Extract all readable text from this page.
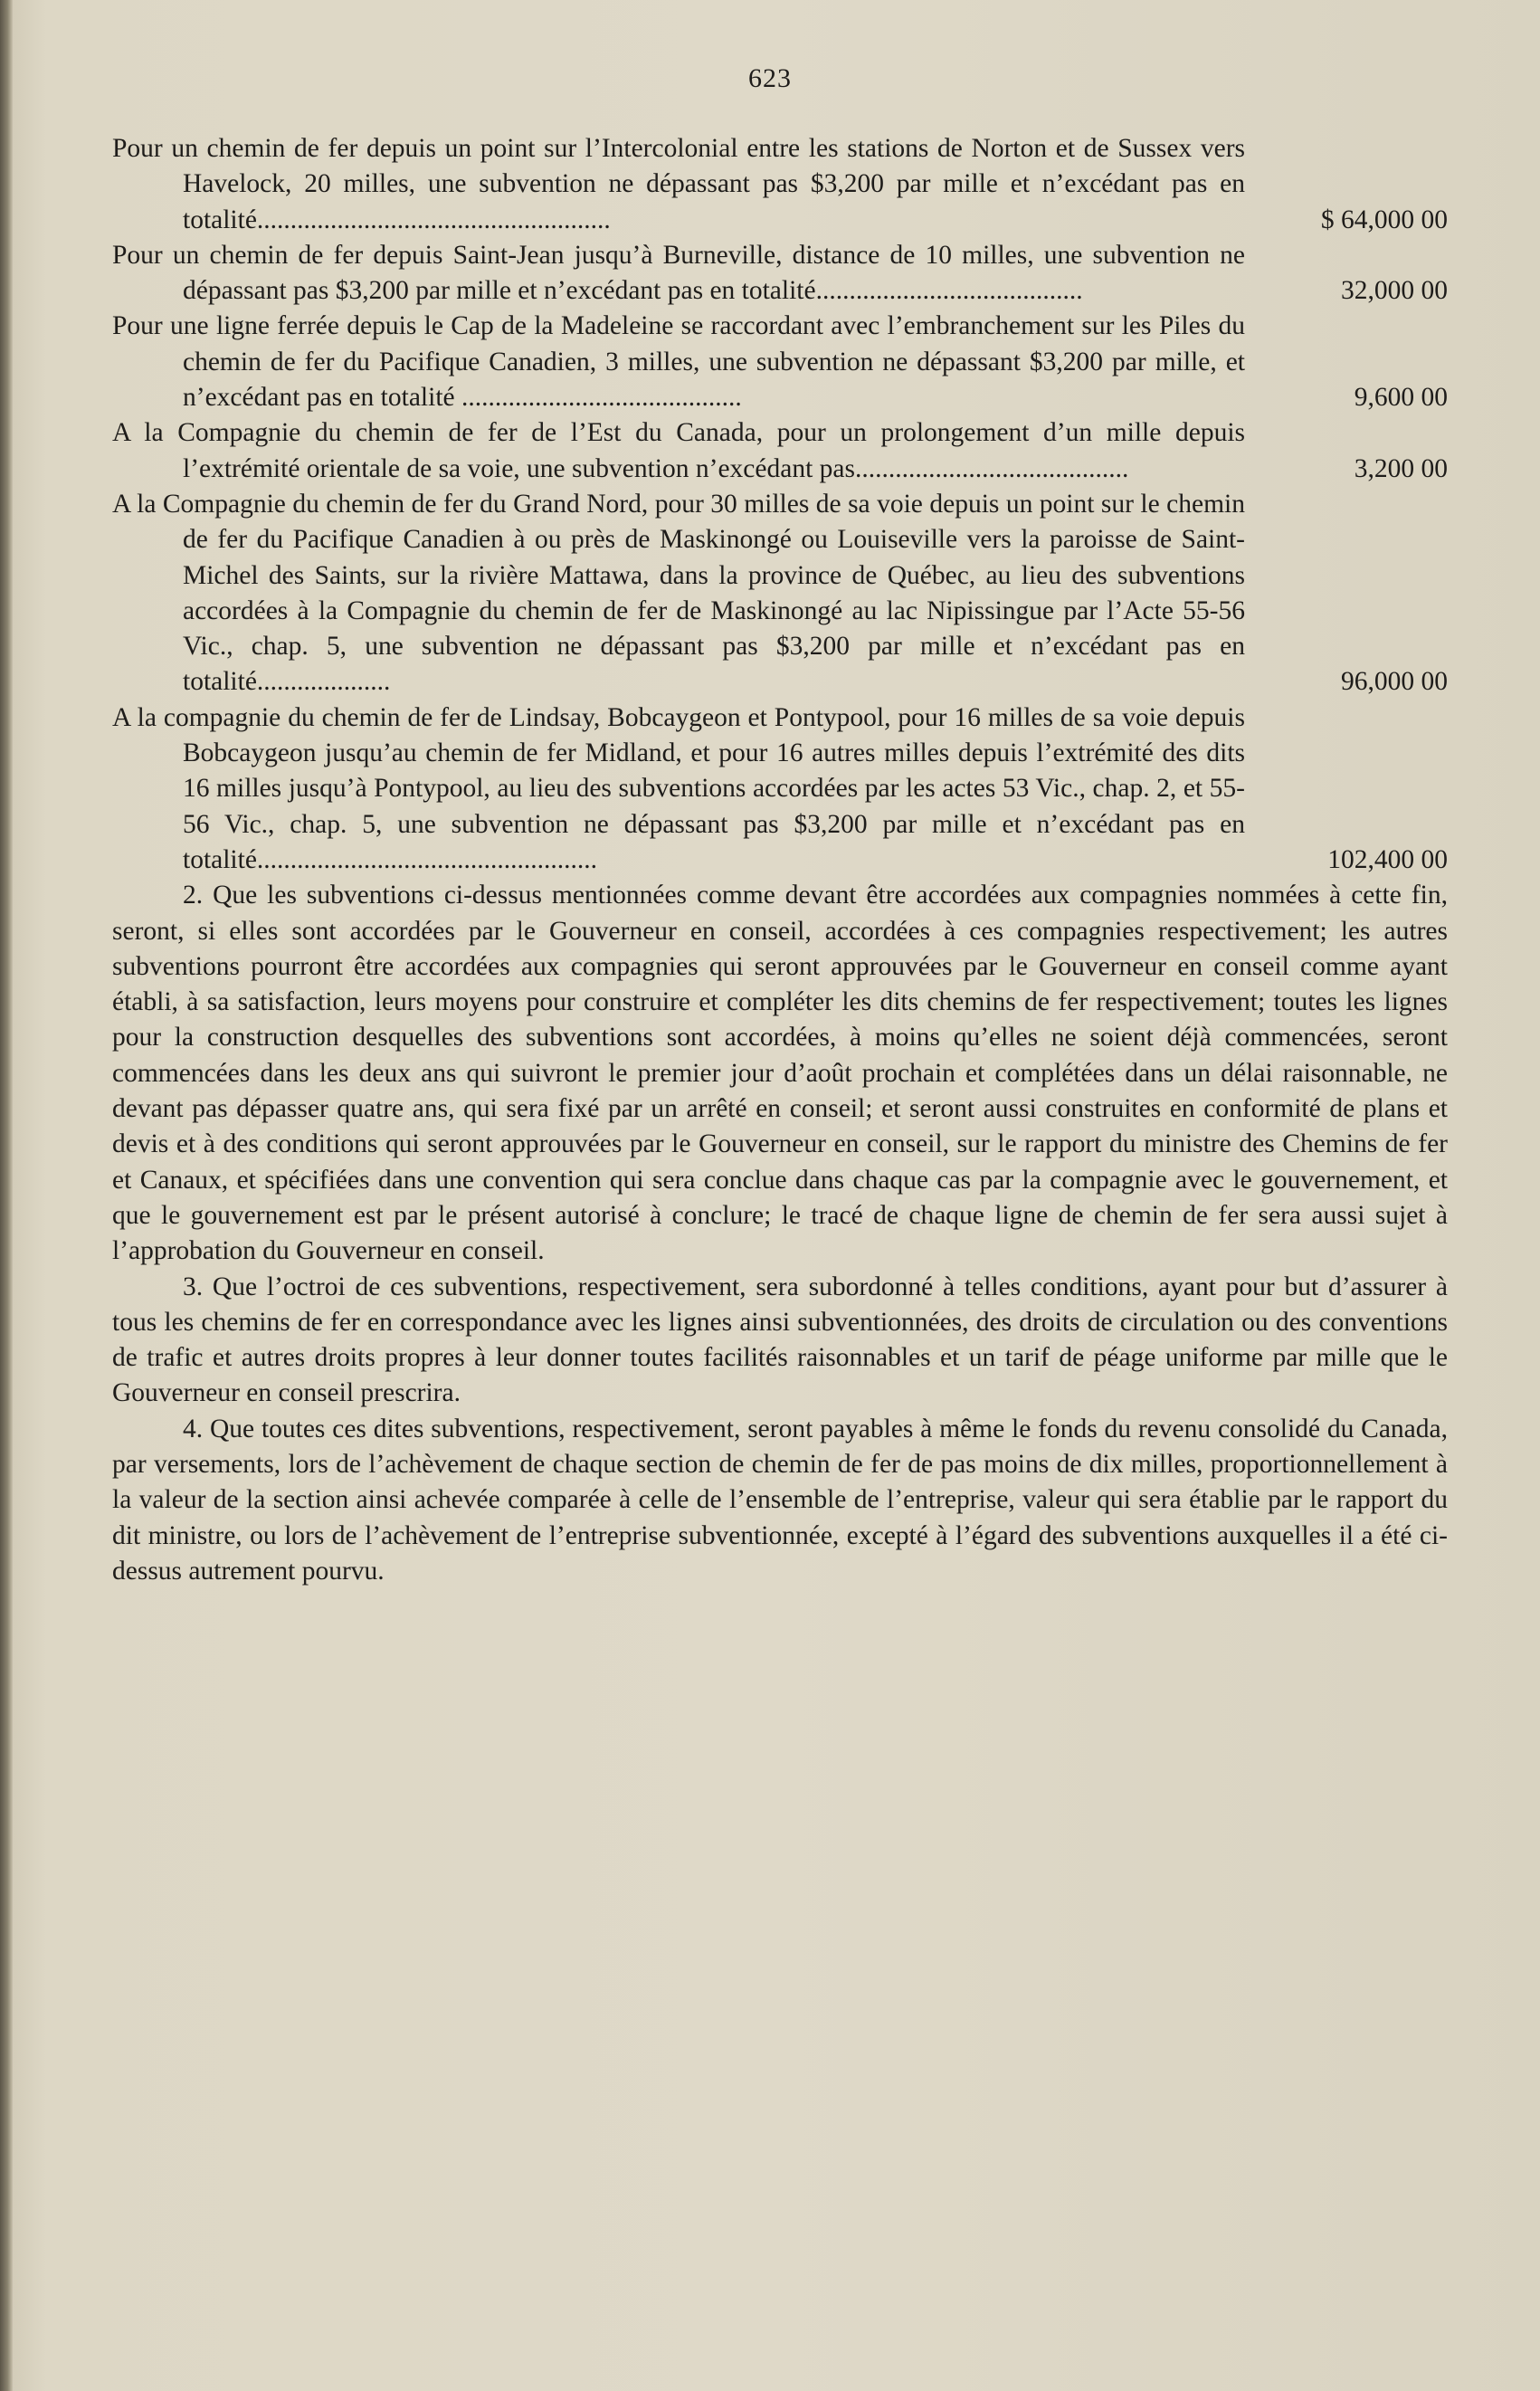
623
Pour un chemin de fer depuis un point sur l’Intercolonial entre les stations de Norton et de Sussex vers Havelock, 20 milles, une subvention ne dépassant pas $3,200 par mille et n’excédant pas en totalité.....................................................	$ 64,000 00
Pour un chemin de fer depuis Saint-Jean jusqu’à Burneville, distance de 10 milles, une subvention ne dépassant pas $3,200 par mille et n’excédant pas en totalité........................................	32,000 00
Pour une ligne ferrée depuis le Cap de la Madeleine se raccordant avec l’embranchement sur les Piles du chemin de fer du Pacifique Canadien, 3 milles, une subvention ne dépassant $3,200 par mille, et n’excédant pas en totalité ..........................................	9,600 00
A la Compagnie du chemin de fer de l’Est du Canada, pour un prolongement d’un mille depuis l’extrémité orientale de sa voie, une subvention n’excédant pas.........................................	3,200 00
A la Compagnie du chemin de fer du Grand Nord, pour 30 milles de sa voie depuis un point sur le chemin de fer du Pacifique Canadien à ou près de Maskinongé ou Louiseville vers la paroisse de Saint-Michel des Saints, sur la rivière Mattawa, dans la province de Québec, au lieu des subventions accordées à la Compagnie du chemin de fer de Maskinongé au lac Nipissingue par l’Acte 55-56 Vic., chap. 5, une subvention ne dépassant pas $3,200 par mille et n’excédant pas en totalité....................	96,000 00
A la compagnie du chemin de fer de Lindsay, Bobcaygeon et Pontypool, pour 16 milles de sa voie depuis Bobcaygeon jusqu’au chemin de fer Midland, et pour 16 autres milles depuis l’extrémité des dits 16 milles jusqu’à Pontypool, au lieu des subventions accordées par les actes 53 Vic., chap. 2, et 55-56 Vic., chap. 5, une subvention ne dépassant pas $3,200 par mille et n’excédant pas en totalité...................................................	102,400 00

2. Que les subventions ci-dessus mentionnées comme devant être accordées aux compagnies nommées à cette fin, seront, si elles sont accordées par le Gouverneur en conseil, accordées à ces compagnies respectivement; les autres subventions pourront être accordées aux compagnies qui seront approuvées par le Gouverneur en conseil comme ayant établi, à sa satisfaction, leurs moyens pour construire et compléter les dits chemins de fer respectivement; toutes les lignes pour la construction desquelles des subventions sont accordées, à moins qu’elles ne soient déjà commencées, seront commencées dans les deux ans qui suivront le premier jour d’août prochain et complétées dans un délai raisonnable, ne devant pas dépasser quatre ans, qui sera fixé par un arrêté en conseil; et seront aussi construites en conformité de plans et devis et à des conditions qui seront approuvées par le Gouverneur en conseil, sur le rapport du ministre des Chemins de fer et Canaux, et spécifiées dans une convention qui sera conclue dans chaque cas par la compagnie avec le gouvernement, et que le gouvernement est par le présent autorisé à conclure; le tracé de chaque ligne de chemin de fer sera aussi sujet à l’approbation du Gouverneur en conseil.

3. Que l’octroi de ces subventions, respectivement, sera subordonné à telles conditions, ayant pour but d’assurer à tous les chemins de fer en correspondance avec les lignes ainsi subventionnées, des droits de circulation ou des conventions de trafic et autres droits propres à leur donner toutes facilités raisonnables et un tarif de péage uniforme par mille que le Gouverneur en conseil prescrira.

4. Que toutes ces dites subventions, respectivement, seront payables à même le fonds du revenu consolidé du Canada, par versements, lors de l’achèvement de chaque section de chemin de fer de pas moins de dix milles, proportionnellement à la valeur de la section ainsi achevée comparée à celle de l’ensemble de l’entreprise, valeur qui sera établie par le rapport du dit ministre, ou lors de l’achèvement de l’entreprise subventionnée, excepté à l’égard des subventions auxquelles il a été ci-dessus autrement pourvu.
